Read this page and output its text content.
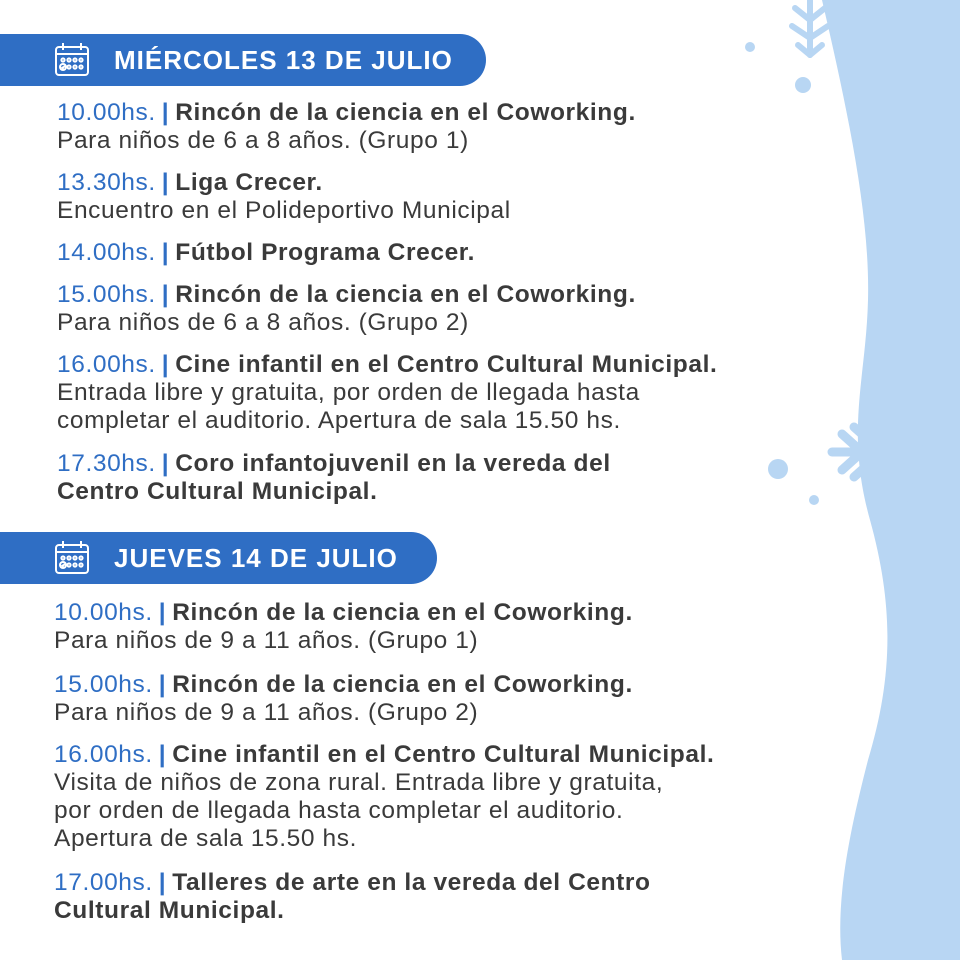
MIÉRCOLES 13 DE JULIO
10.00hs. | Rincón de la ciencia en el Coworking.
Para niños de 6 a 8 años. (Grupo 1)
13.30hs. | Liga Crecer.
Encuentro en el Polideportivo Municipal
14.00hs. | Fútbol Programa Crecer.
15.00hs. | Rincón de la ciencia en el Coworking.
Para niños de 6 a 8 años. (Grupo 2)
16.00hs. | Cine infantil en el Centro Cultural Municipal.
Entrada libre y gratuita, por orden de llegada hasta
completar el auditorio. Apertura de sala 15.50 hs.
17.30hs. | Coro infantojuvenil en la vereda del
Centro Cultural Municipal.
JUEVES 14 DE JULIO
10.00hs. | Rincón de la ciencia en el Coworking.
Para niños de 9 a 11 años. (Grupo 1)
15.00hs. | Rincón de la ciencia en el Coworking.
Para niños de 9 a 11 años. (Grupo 2)
16.00hs. | Cine infantil en el Centro Cultural Municipal.
Visita de niños de zona rural. Entrada libre y gratuita,
por orden de llegada hasta completar el auditorio.
Apertura de sala 15.50 hs.
17.00hs. | Talleres de arte en la vereda del Centro
Cultural Municipal.
